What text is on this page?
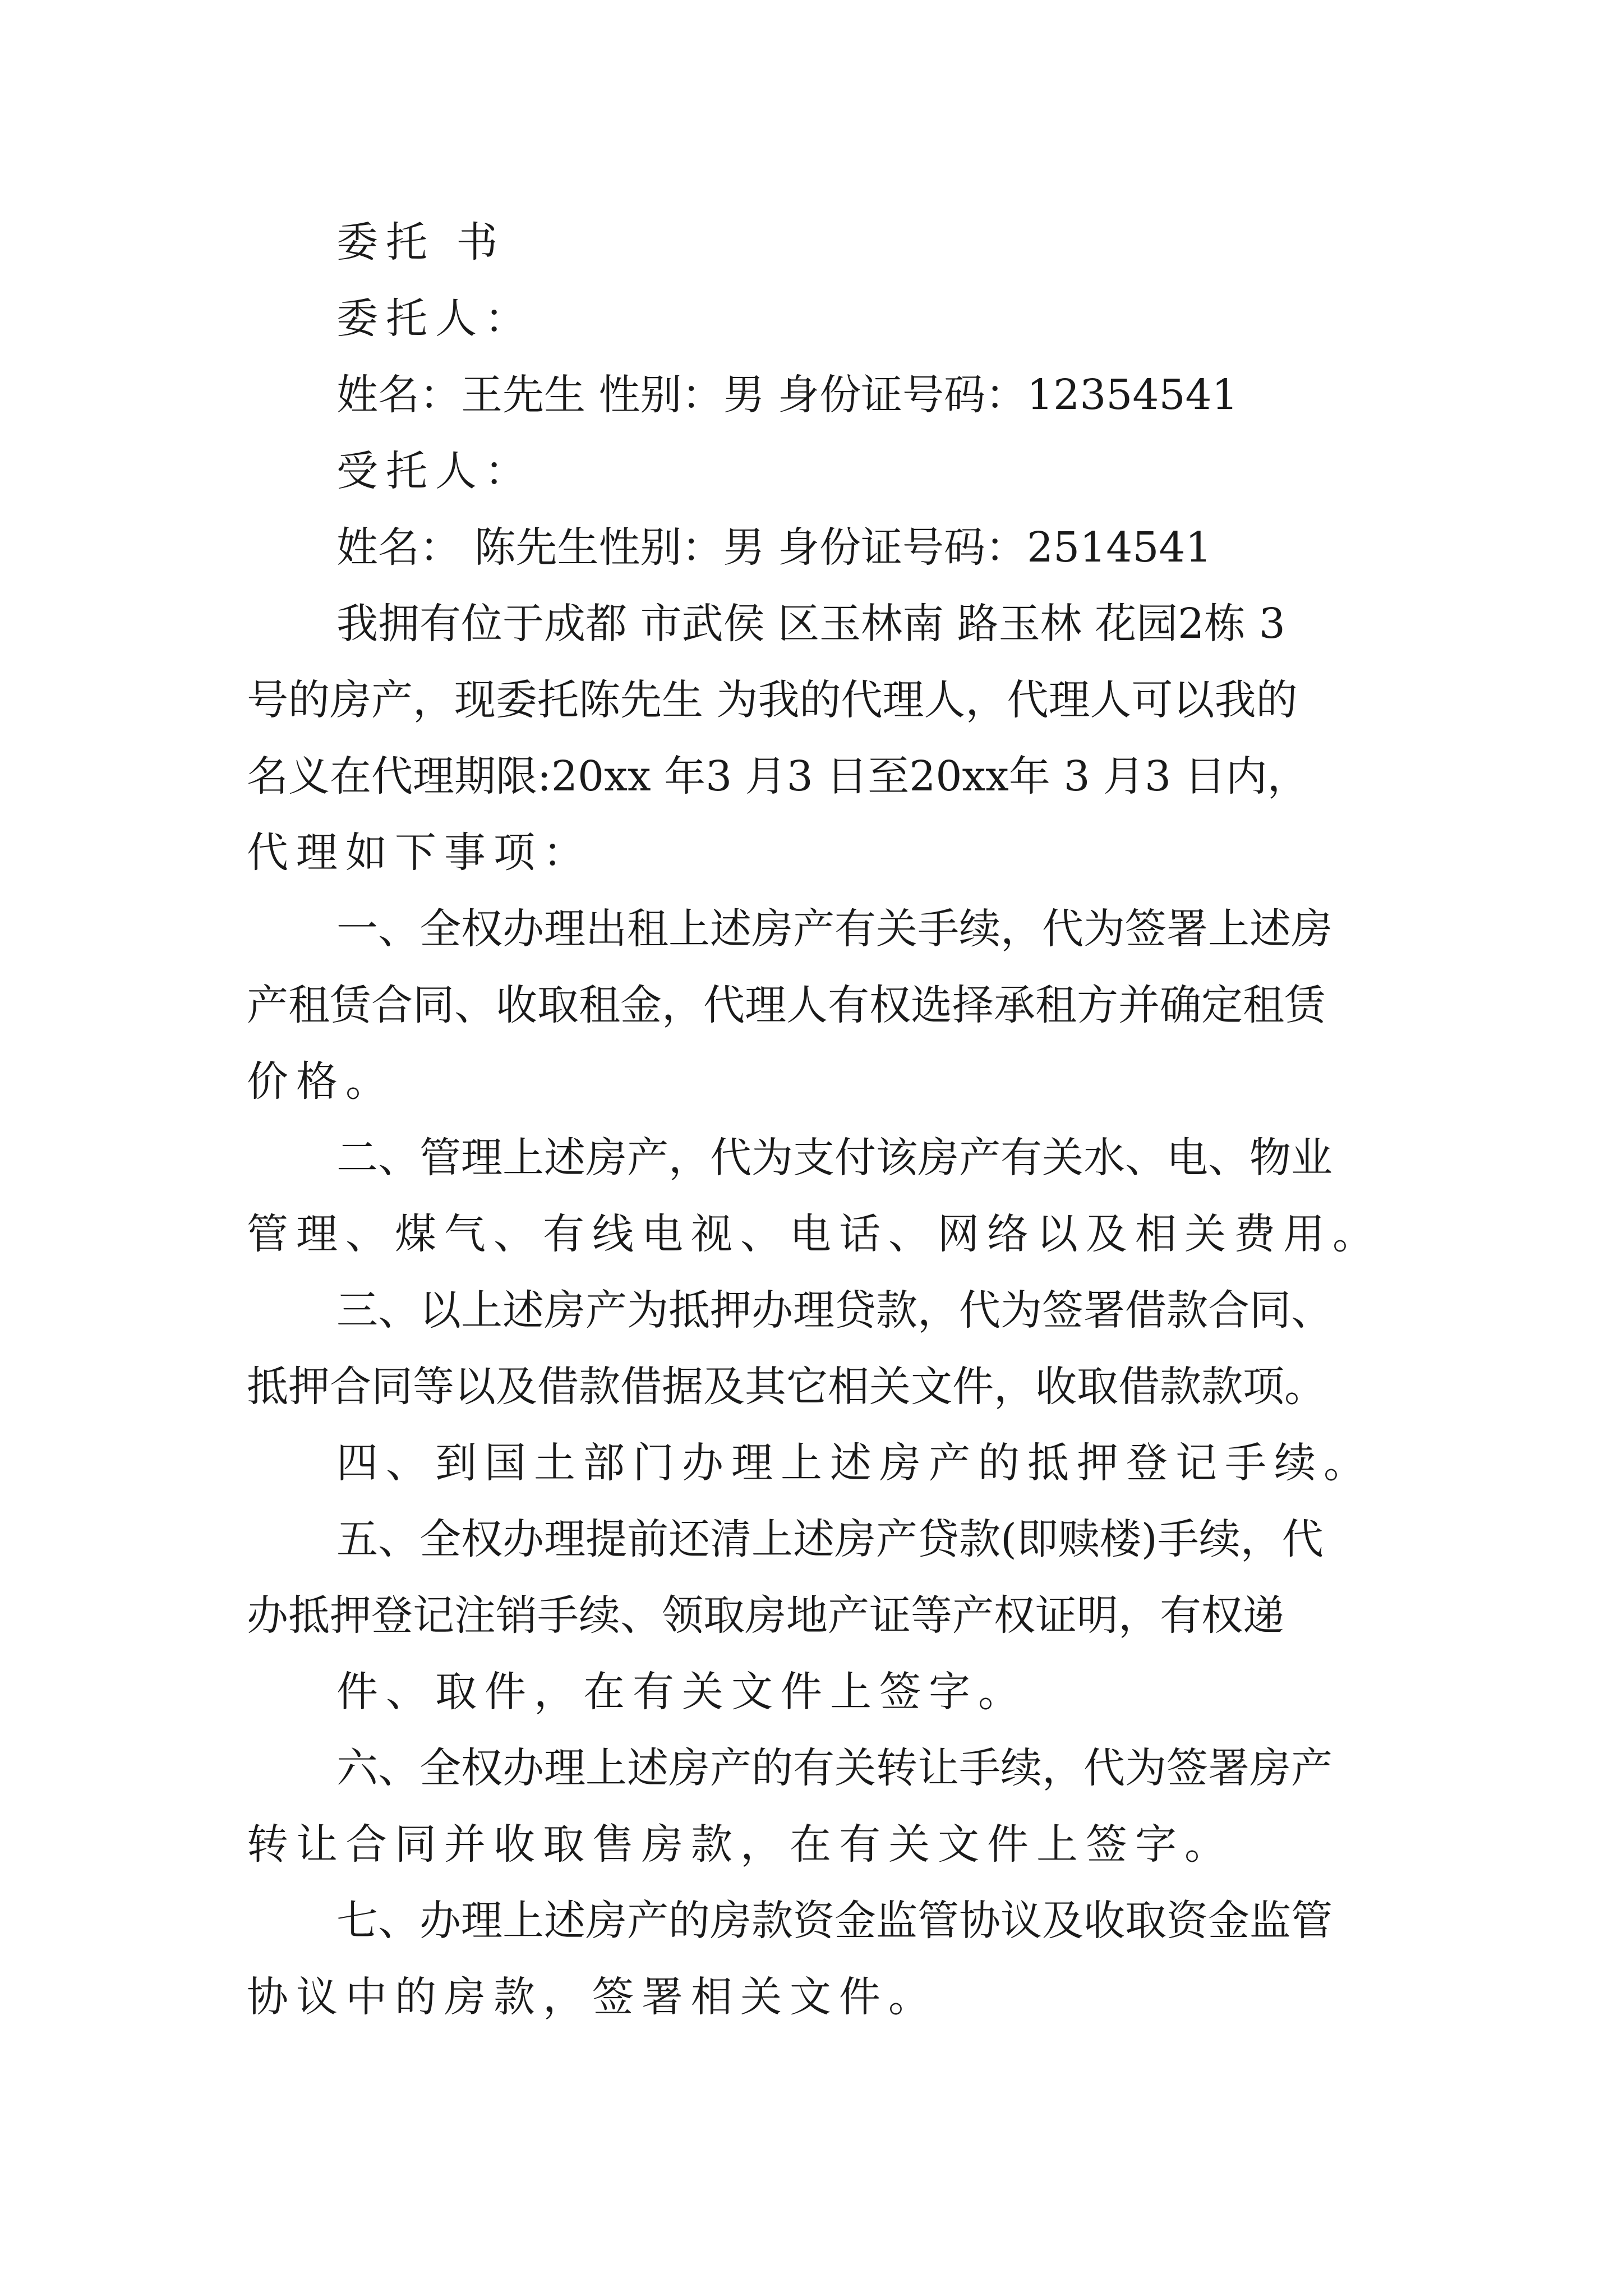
委托 书
委托人：
姓名：王先生 性别：男 身份证号码：12354541
受托人：
姓名： 陈先生性别：男 身份证号码：2514541
我拥有位于成都 市武侯 区玉林南 路玉林 花园2栋 3
号的房产，现委托陈先生 为我的代理人，代理人可以我的
名义在代理期限:20xx 年3 月3 日至20xx年 3 月3 日内，
代理如下事项：
一、全权办理出租上述房产有关手续，代为签署上述房
产租赁合同、收取租金，代理人有权选择承租方并确定租赁
价格。
二、管理上述房产，代为支付该房产有关水、电、物业
管理、煤气、有线电视、电话、网络以及相关费用。
三、以上述房产为抵押办理贷款，代为签署借款合同、
抵押合同等以及借款借据及其它相关文件，收取借款款项。
四、到国土部门办理上述房产的抵押登记手续。
五、全权办理提前还清上述房产贷款(即赎楼)手续，代
办抵押登记注销手续、领取房地产证等产权证明，有权递
件、取件，在有关文件上签字。
六、全权办理上述房产的有关转让手续，代为签署房产
转让合同并收取售房款，在有关文件上签字。
七、办理上述房产的房款资金监管协议及收取资金监管
协议中的房款，签署相关文件。
